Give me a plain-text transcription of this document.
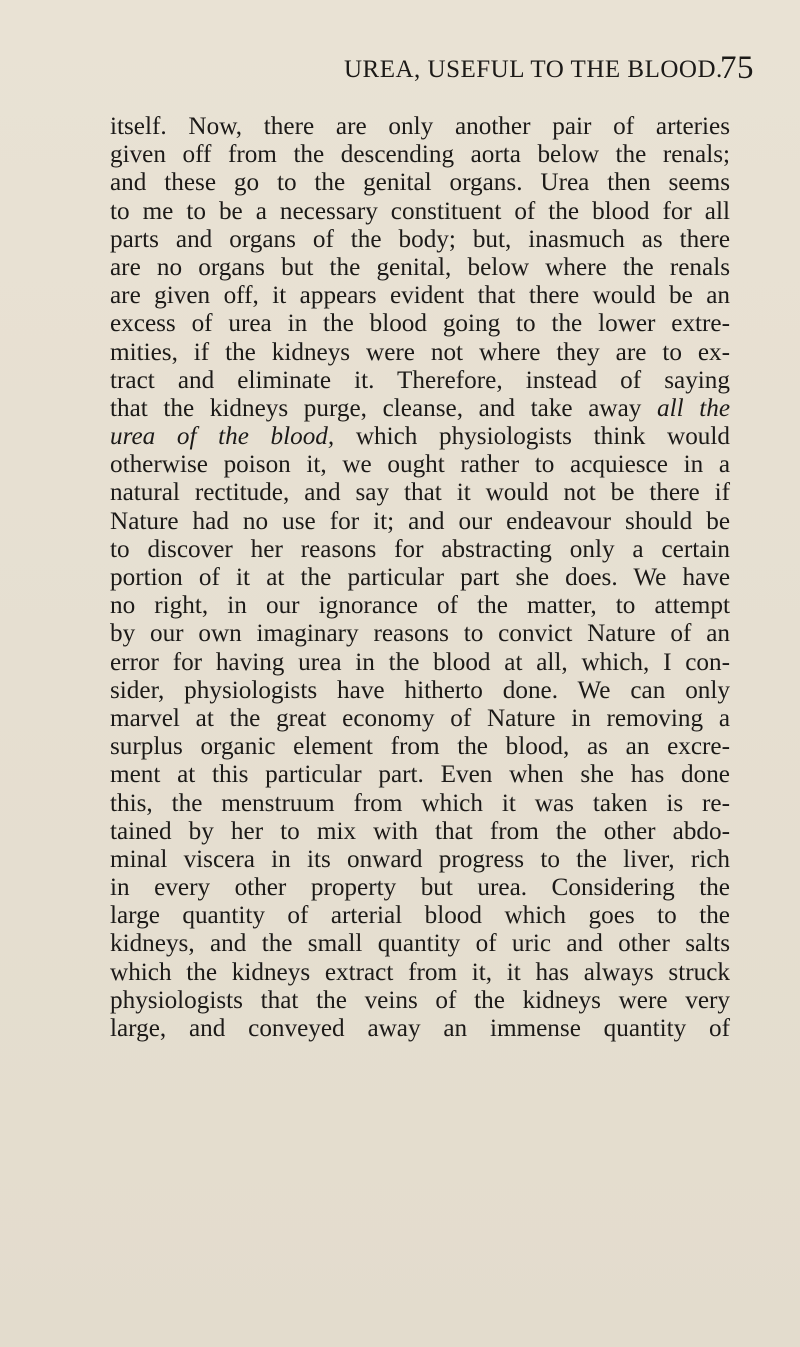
UREA, USEFUL TO THE BLOOD.
75
itself. Now, there are only another pair of arteries
given off from the descending aorta below the renals;
and these go to the genital organs. Urea then seems
to me to be a necessary constituent of the blood for all
parts and organs of the body; but, inasmuch as there
are no organs but the genital, below where the renals
are given off, it appears evident that there would be an
excess of urea in the blood going to the lower extre-
mities, if the kidneys were not where they are to ex-
tract and eliminate it. Therefore, instead of saying
that the kidneys purge, cleanse, and take away all the
urea of the blood, which physiologists think would
otherwise poison it, we ought rather to acquiesce in a
natural rectitude, and say that it would not be there if
Nature had no use for it; and our endeavour should be
to discover her reasons for abstracting only a certain
portion of it at the particular part she does. We have
no right, in our ignorance of the matter, to attempt
by our own imaginary reasons to convict Nature of an
error for having urea in the blood at all, which, I con-
sider, physiologists have hitherto done. We can only
marvel at the great economy of Nature in removing a
surplus organic element from the blood, as an excre-
ment at this particular part. Even when she has done
this, the menstruum from which it was taken is re-
tained by her to mix with that from the other abdo-
minal viscera in its onward progress to the liver, rich
in every other property but urea. Considering the
large quantity of arterial blood which goes to the
kidneys, and the small quantity of uric and other salts
which the kidneys extract from it, it has always struck
physiologists that the veins of the kidneys were very
large, and conveyed away an immense quantity of
